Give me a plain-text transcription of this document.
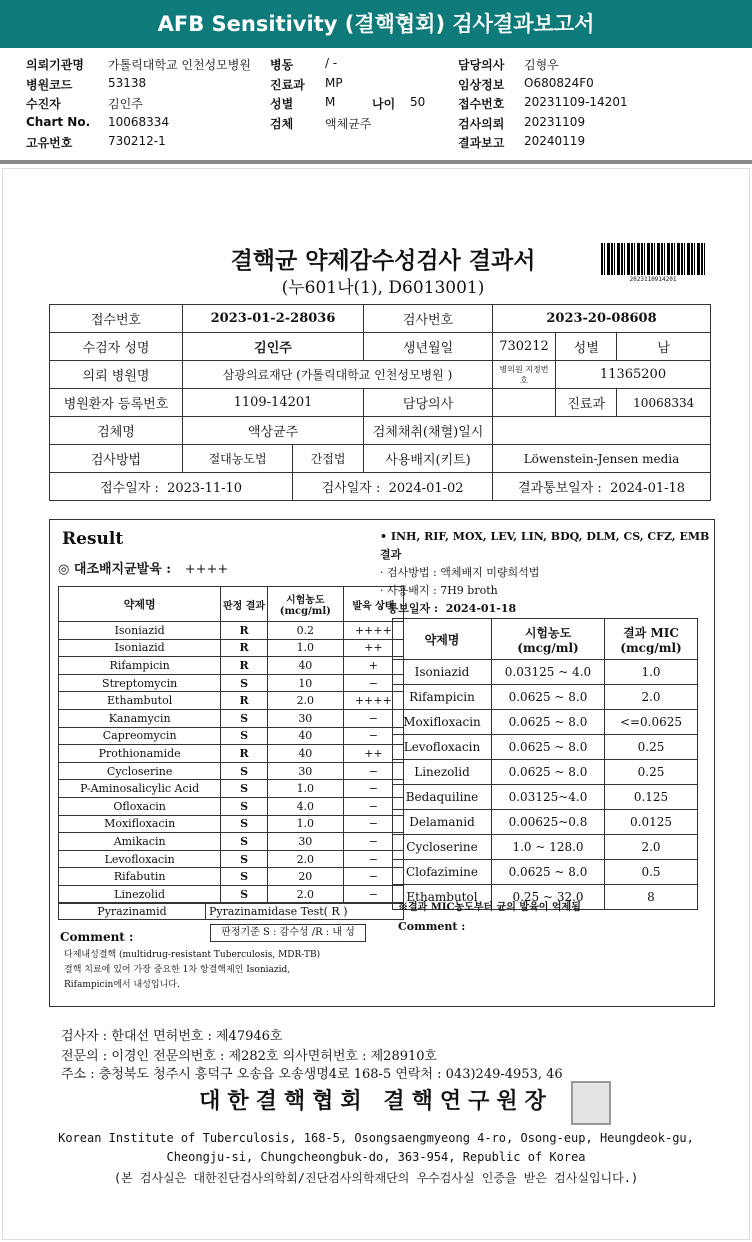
AFB Sensitivity (결핵협회) 검사결과보고서
의뢰기관명 가톨릭대학교 인천성모병원
병원코드	53138
수진자	김인주
Chart No. 10068334
고유번호	730212-1
병동	/ -
진료과 MP
성별	M
검체	액체균주
나이 50
담당의사 김형우
임상정보 O680824F0
접수번호 20231109-14201
검사의뢰 20231109
결과보고 20240119
결핵균 약제감수성검사 결과서
(누601나(1), D6013001)	2023110914201
접수번호	2023-01-2-28036		검사번호	2023-20-08608		
수검자 성명	김인주		생년월일	730212	성별	남
의뢰 병원명	삼광의료재단 (가톨릭대학교 인천성모병원 )			병의원 지정번호	11365200	
병원환자 등록번호	1109-14201		담당의사		진료과	10068334
검체명	액상균주		검체채취(채혈)일시			
검사방법	절대농도법	간접법	사용배지(키트)	Löwenstein-Jensen media		
접수일자 : 2023-11-10		검사일자 : 2024-01-02		결과통보일자 : 2024-01-18		
Result
◎ 대조배지균발육 : ++++
약제명	판정 결과	시험농도 (mcg/ml)	발육 상태
Isoniazid	R	0.2	++++
Isoniazid	R	1.0	++
Rifampicin	R	40	+
Streptomycin	S	10	−
Ethambutol	R	2.0	++++
Kanamycin	S	30	−
Capreomycin	S	40	−
Prothionamide	R	40	++
Cycloserine	S	30	−
P-Aminosalicylic Acid	S	1.0	−
Ofloxacin	S	4.0	−
Moxifloxacin	S	1.0	−
Amikacin	S	30	−
Levofloxacin	S	2.0	−
Rifabutin	S	20	−
Linezolid	S	2.0	−
Pyrazinamid	Pyrazinamidase Test( R )
판정기준 S : 감수성 /R : 내 성
Comment :
다제내성결핵 (multidrug-resistant Tuberculosis, MDR-TB)
결핵 치료에 있어 가장 중요한 1차 항결핵제인 Isoniazid,
Rifampicin에서 내성입니다.
• INH, RIF, MOX, LEV, LIN, BDQ, DLM, CS, CFZ, EMB 결과
· 검사방법 : 액체배지 미량희석법
· 사용배지 : 7H9 broth
· 통보일자 : 2024-01-18
약제명	시험농도 (mcg/ml)	결과 MIC (mcg/ml)
Isoniazid	0.03125 ~ 4.0	1.0
Rifampicin	0.0625 ~ 8.0	2.0
Moxifloxacin	0.0625 ~ 8.0	<=0.0625
Levofloxacin	0.0625 ~ 8.0	0.25
Linezolid	0.0625 ~ 8.0	0.25
Bedaquiline	0.03125~4.0	0.125
Delamanid	0.00625~0.8	0.0125
Cycloserine	1.0 ~ 128.0	2.0
Clofazimine	0.0625 ~ 8.0	0.5
Ethambutol	0.25 ~ 32.0	8
※결과 MIC농도부터 균의 발육이 억제됨
Comment :
검사자 : 한대선 면허번호 : 제47946호
전문의 : 이경인 전문의번호 : 제282호 의사면허번호 : 제28910호
주소 : 충청북도 청주시 흥덕구 오송읍 오송생명4로 168-5 연락처 : 043)249-4953, 46
대한결핵협회 결핵연구원장
Korean Institute of Tuberculosis, 168-5, Osongsaengmyeong 4-ro, Osong-eup, Heungdeok-gu,
Cheongju-si, Chungcheongbuk-do, 363-954, Republic of Korea
(본 검사실은 대한진단검사의학회/진단검사의학재단의 우수검사실 인증을 받은 검사실입니다.)
